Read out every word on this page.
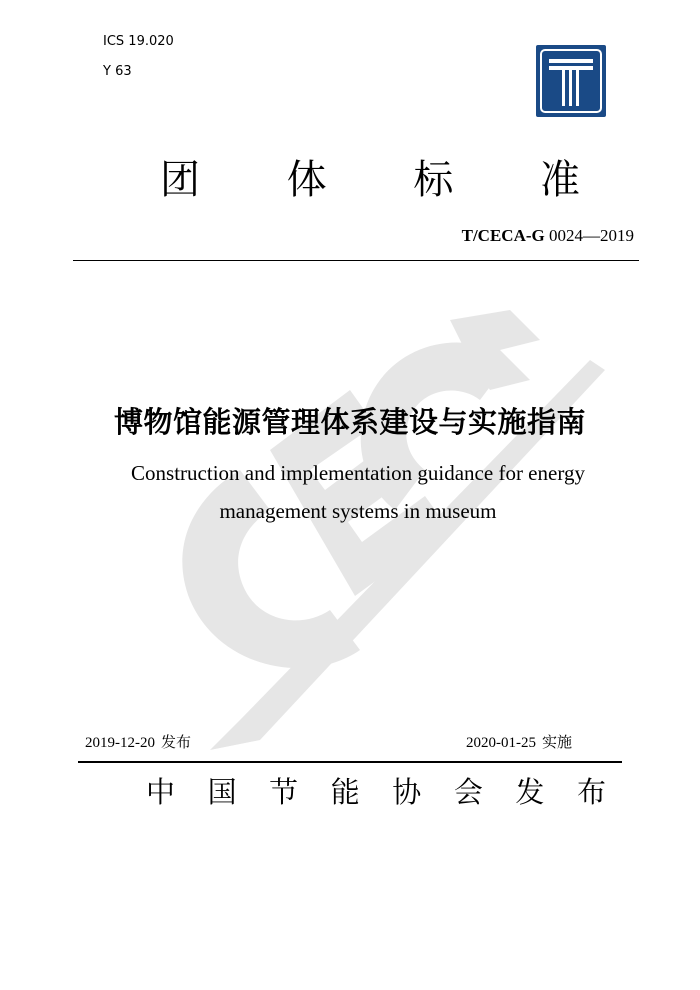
ICS 19.020
Y 63
团 体 标 准
T/CECA-G 0024—2019
博物馆能源管理体系建设与实施指南
Construction and implementation guidance for energy
management systems in museum
2019-12-20 发布	2020-01-25 实施
中 国 节 能 协 会 发 布
